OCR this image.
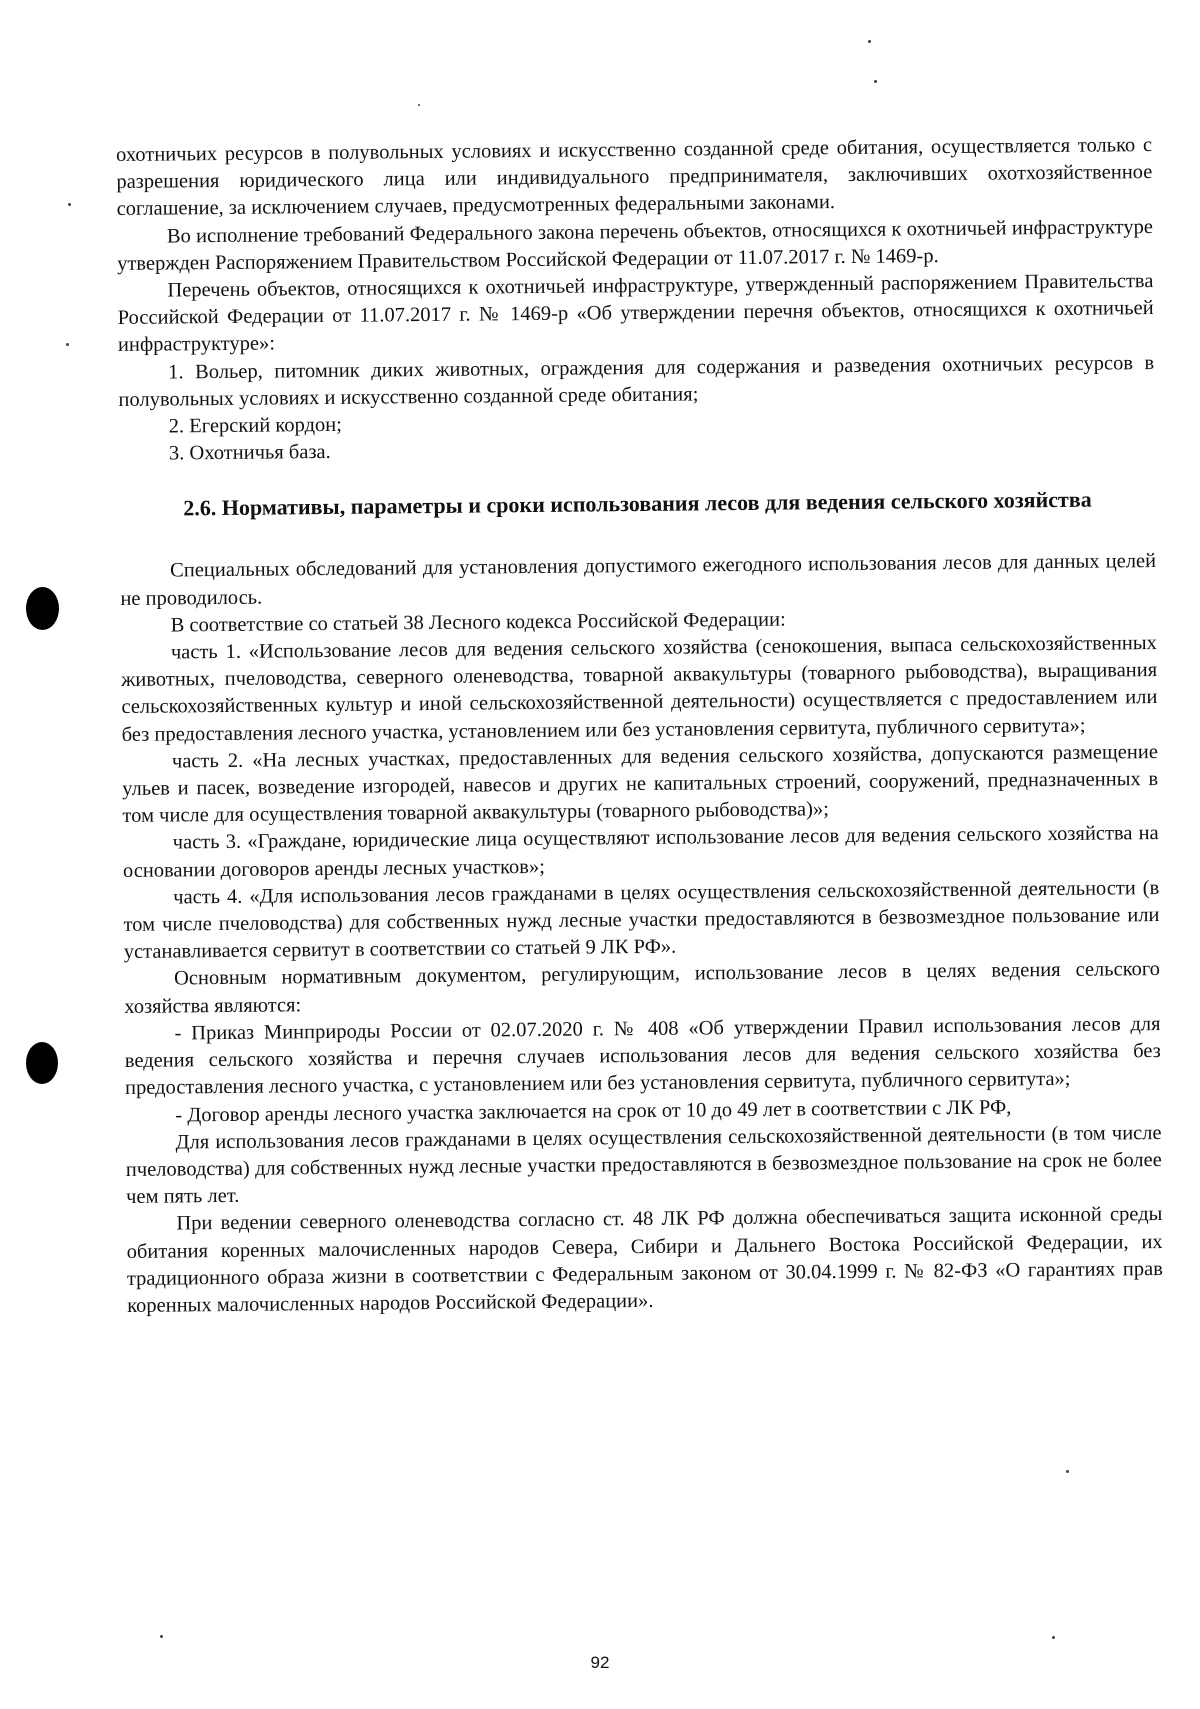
охотничьих ресурсов в полувольных условиях и искусственно созданной среде обитания, осуществляется только с разрешения юридического лица или индивидуального предпринимателя, заключивших охотхозяйственное соглашение, за исключением случаев, предусмотренных федеральными законами.

Во исполнение требований Федерального закона перечень объектов, относящихся к охотничьей инфраструктуре утвержден Распоряжением Правительством Российской Федерации от 11.07.2017 г. № 1469-р.

Перечень объектов, относящихся к охотничьей инфраструктуре, утвержденный распоряжением Правительства Российской Федерации от 11.07.2017 г. № 1469-р «Об утверждении перечня объектов, относящихся к охотничьей инфраструктуре»:

1. Вольер, питомник диких животных, ограждения для содержания и разведения охотничьих ресурсов в полувольных условиях и искусственно созданной среде обитания;

2. Егерский кордон;

3. Охотничья база.

2.6. Нормативы, параметры и сроки использования лесов для ведения сельского хозяйства

Специальных обследований для установления допустимого ежегодного использования лесов для данных целей не проводилось.

В соответствие со статьей 38 Лесного кодекса Российской Федерации:

часть 1. «Использование лесов для ведения сельского хозяйства (сенокошения, выпаса сельскохозяйственных животных, пчеловодства, северного оленеводства, товарной аквакультуры (товарного рыбоводства), выращивания сельскохозяйственных культур и иной сельскохозяйственной деятельности) осуществляется с предоставлением или без предоставления лесного участка, установлением или без установления сервитута, публичного сервитута»;

часть 2. «На лесных участках, предоставленных для ведения сельского хозяйства, допускаются размещение ульев и пасек, возведение изгородей, навесов и других не капитальных строений, сооружений, предназначенных в том числе для осуществления товарной аквакультуры (товарного рыбоводства)»;

часть 3. «Граждане, юридические лица осуществляют использование лесов для ведения сельского хозяйства на основании договоров аренды лесных участков»;

часть 4. «Для использования лесов гражданами в целях осуществления сельскохозяйственной деятельности (в том числе пчеловодства) для собственных нужд лесные участки предоставляются в безвозмездное пользование или устанавливается сервитут в соответствии со статьей 9 ЛК РФ».

Основным нормативным документом, регулирующим, использование лесов в целях ведения сельского хозяйства являются:

- Приказ Минприроды России от 02.07.2020 г. № 408 «Об утверждении Правил использования лесов для ведения сельского хозяйства и перечня случаев использования лесов для ведения сельского хозяйства без предоставления лесного участка, с установлением или без установления сервитута, публичного сервитута»;

- Договор аренды лесного участка заключается на срок от 10 до 49 лет в соответствии с ЛК РФ,

Для использования лесов гражданами в целях осуществления сельскохозяйственной деятельности (в том числе пчеловодства) для собственных нужд лесные участки предоставляются в безвозмездное пользование на срок не более чем пять лет.

При ведении северного оленеводства согласно ст. 48 ЛК РФ должна обеспечиваться защита исконной среды обитания коренных малочисленных народов Севера, Сибири и Дальнего Востока Российской Федерации, их традиционного образа жизни в соответствии с Федеральным законом от 30.04.1999 г. № 82-ФЗ «О гарантиях прав коренных малочисленных народов Российской Федерации».

92
